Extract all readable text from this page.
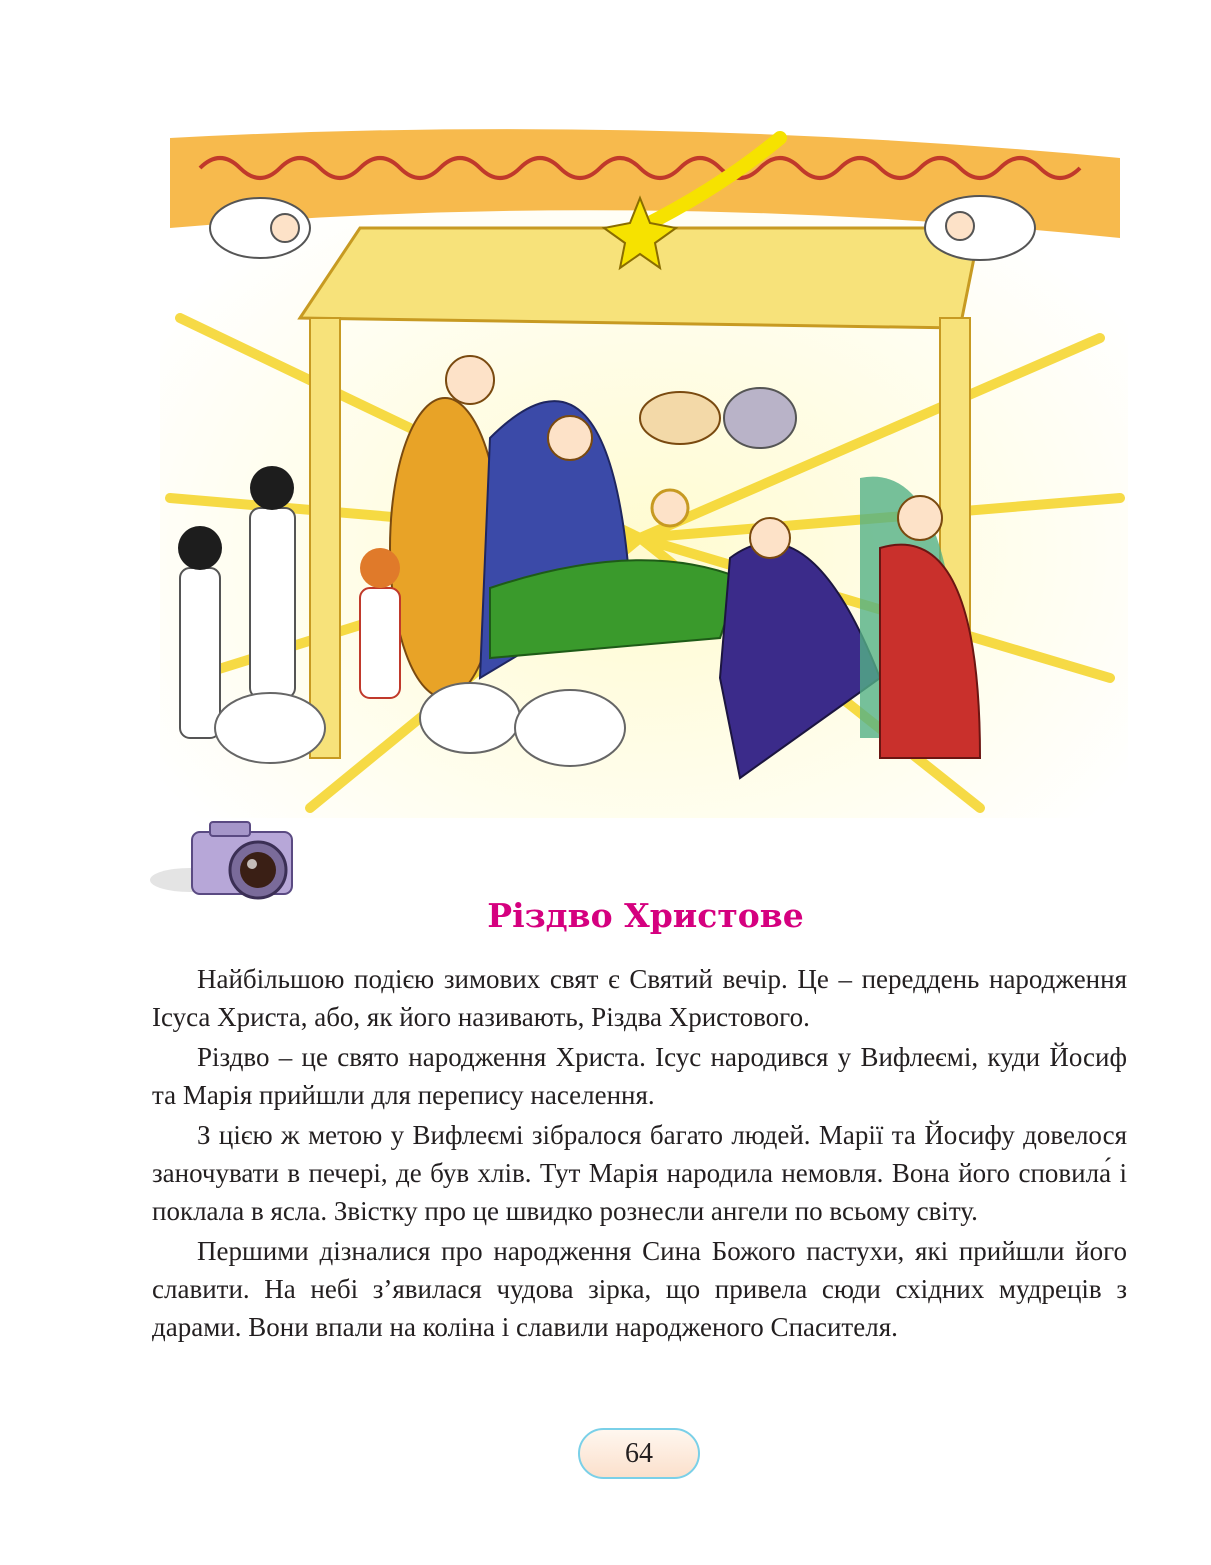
Різдво Христове

Найбільшою подією зимових свят є Святий вечір. Це – переддень народження Ісуса Христа, або, як його називають, Різдва Христового.

Різдво – це свято народження Христа. Ісус народився у Вифлеємі, куди Йосиф та Марія прийшли для перепису населення.

З цією ж метою у Вифлеємі зібралося багато людей. Марії та Йосифу довелося заночувати в печері, де був хлів. Тут Марія народила немовля. Вона його сповила́ і поклала в ясла. Звістку про це швидко рознесли ангели по всьому світу.

Першими дізналися про народження Сина Божого пастухи, які прийшли його славити. На небі з’явилася чудова зірка, що привела сюди східних мудреців з дарами. Вони впали на коліна і славили народженого Спасителя.

64
